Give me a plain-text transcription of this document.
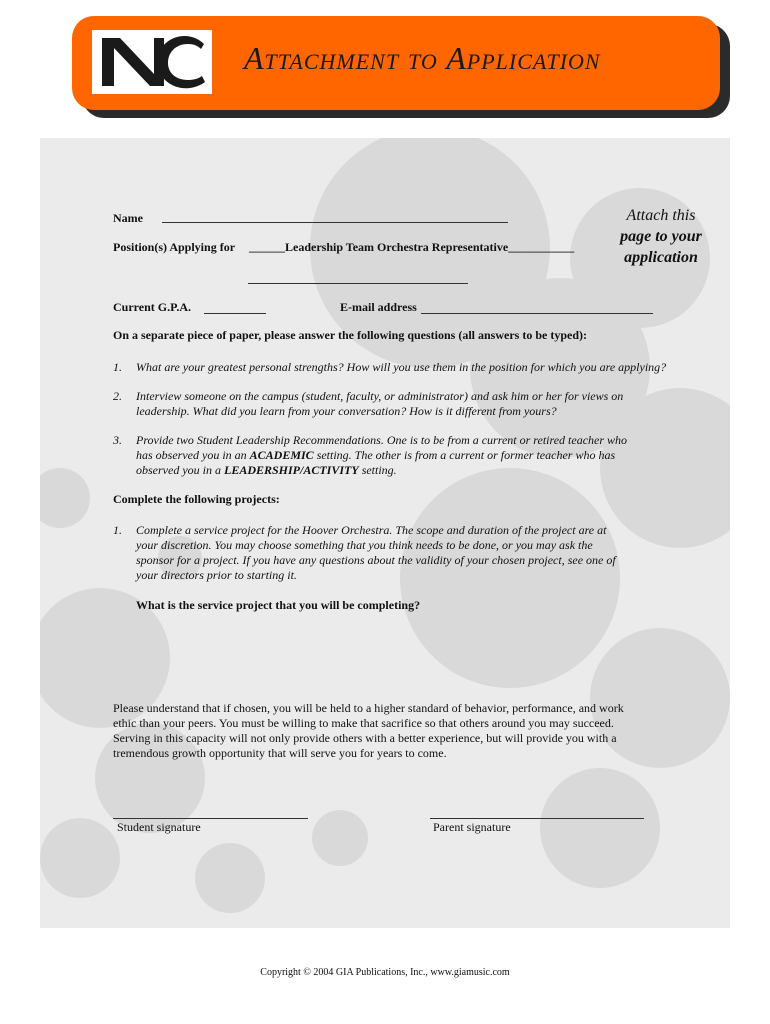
NC	Attachment to Application
Attach this
page to your
application
Name
Position(s) Applying for ______Leadership Team Orchestra Representative___________
Current G.P.A.	E-mail address
On a separate piece of paper, please answer the following questions (all answers to be typed):
1. What are your greatest personal strengths? How will you use them in the position for which you are applying?
2. Interview someone on the campus (student, faculty, or administrator) and ask him or her for views on
leadership. What did you learn from your conversation? How is it different from yours?
3. Provide two Student Leadership Recommendations. One is to be from a current or retired teacher who
has observed you in an ACADEMIC setting. The other is from a current or former teacher who has
observed you in a LEADERSHIP/ACTIVITY setting.
Complete the following projects:
1. Complete a service project for the Hoover Orchestra. The scope and duration of the project are at
your discretion. You may choose something that you think needs to be done, or you may ask the
sponsor for a project. If you have any questions about the validity of your chosen project, see one of
your directors prior to starting it.
What is the service project that you will be completing?
Please understand that if chosen, you will be held to a higher standard of behavior, performance, and work
ethic than your peers. You must be willing to make that sacrifice so that others around you may succeed.
Serving in this capacity will not only provide others with a better experience, but will provide you with a
tremendous growth opportunity that will serve you for years to come.
Student signature	Parent signature
Copyright © 2004 GIA Publications, Inc., www.giamusic.com
